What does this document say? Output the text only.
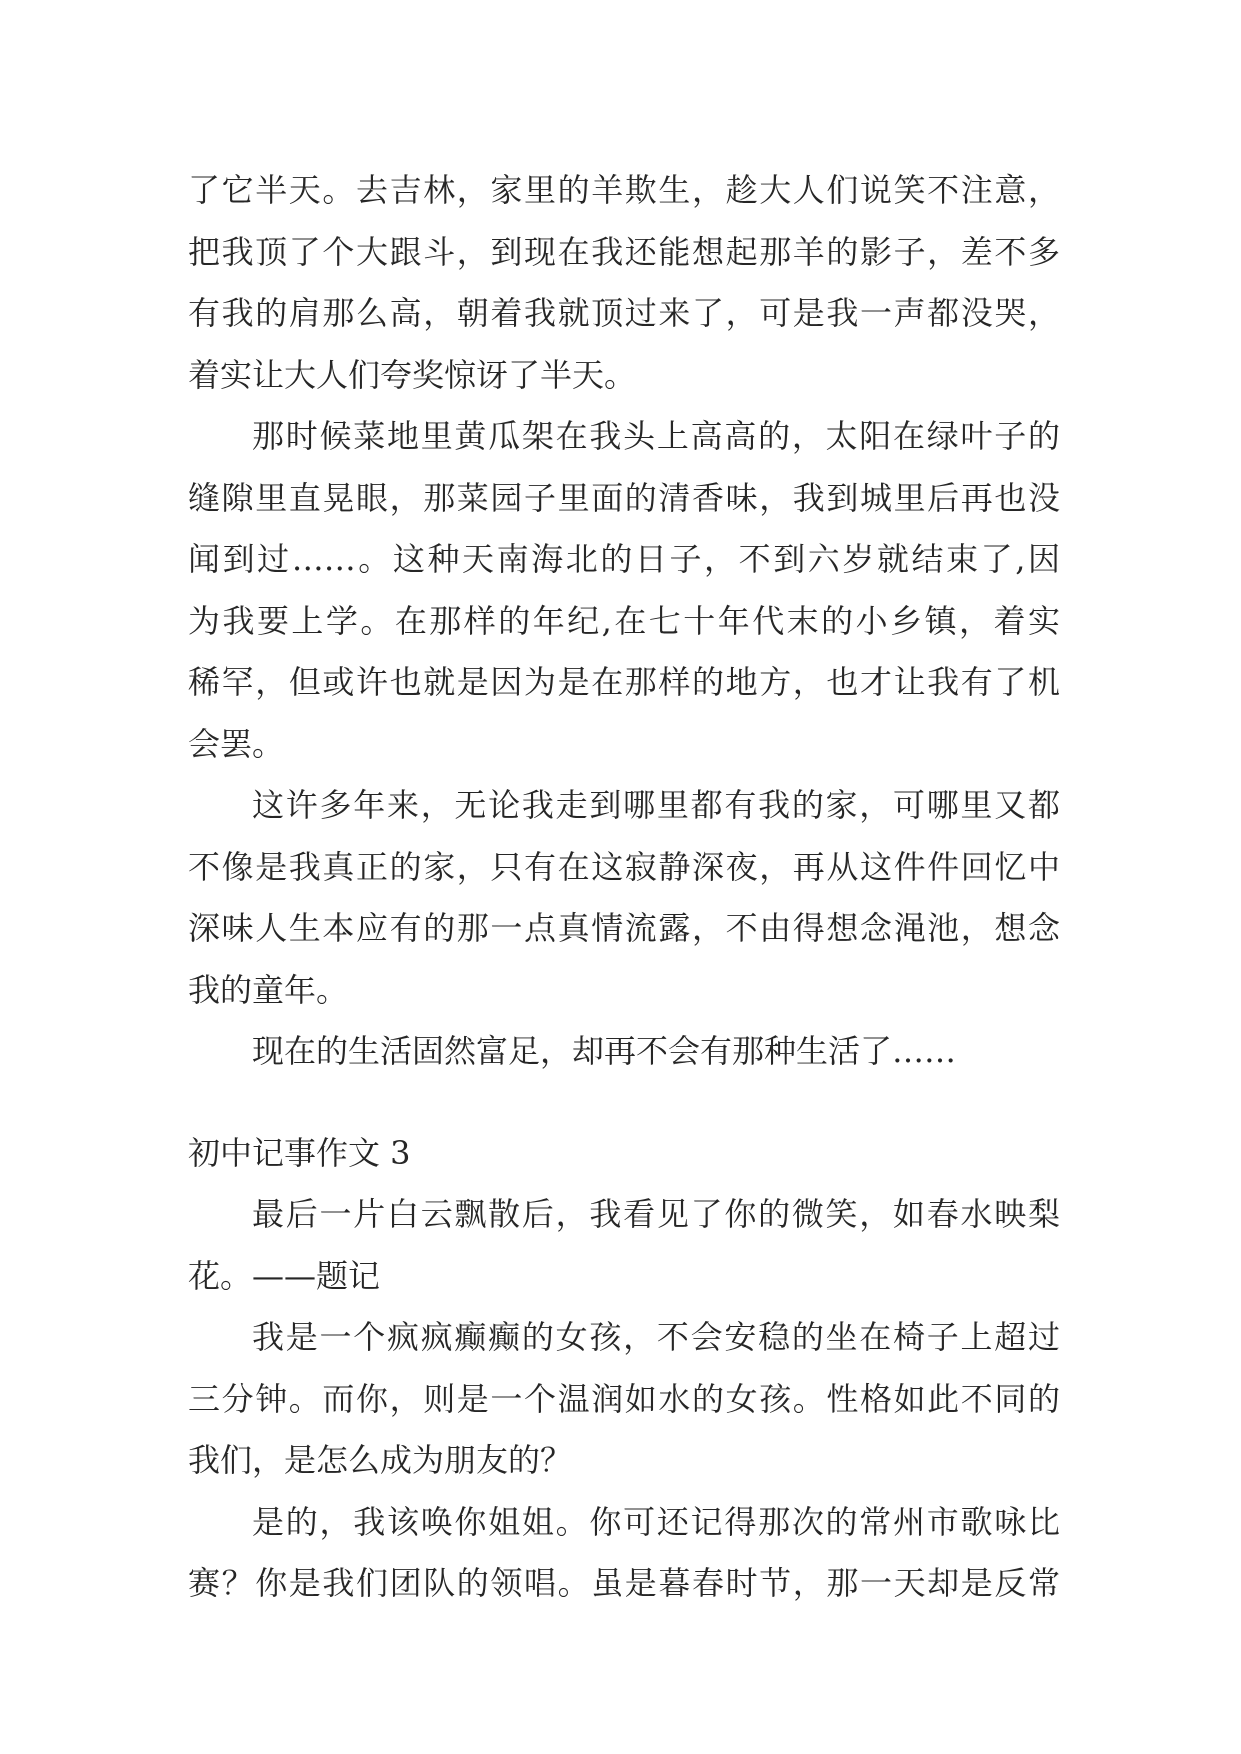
了它半天。去吉林，家里的羊欺生，趁大人们说笑不注意，
把我顶了个大跟斗，到现在我还能想起那羊的影子，差不多
有我的肩那么高，朝着我就顶过来了，可是我一声都没哭，
着实让大人们夸奖惊讶了半天。
那时候菜地里黄瓜架在我头上高高的，太阳在绿叶子的
缝隙里直晃眼，那菜园子里面的清香味，我到城里后再也没
闻到过……。这种天南海北的日子，不到六岁就结束了,因
为我要上学。在那样的年纪,在七十年代末的小乡镇，着实
稀罕，但或许也就是因为是在那样的地方，也才让我有了机
会罢。
这许多年来，无论我走到哪里都有我的家，可哪里又都
不像是我真正的家，只有在这寂静深夜，再从这件件回忆中
深味人生本应有的那一点真情流露，不由得想念渑池，想念
我的童年。
现在的生活固然富足，却再不会有那种生活了……
初中记事作文 3
最后一片白云飘散后，我看见了你的微笑，如春水映梨
花。——题记
我是一个疯疯癫癫的女孩，不会安稳的坐在椅子上超过
三分钟。而你，则是一个温润如水的女孩。性格如此不同的
我们，是怎么成为朋友的？
是的，我该唤你姐姐。你可还记得那次的常州市歌咏比
赛？你是我们团队的领唱。虽是暮春时节，那一天却是反常
